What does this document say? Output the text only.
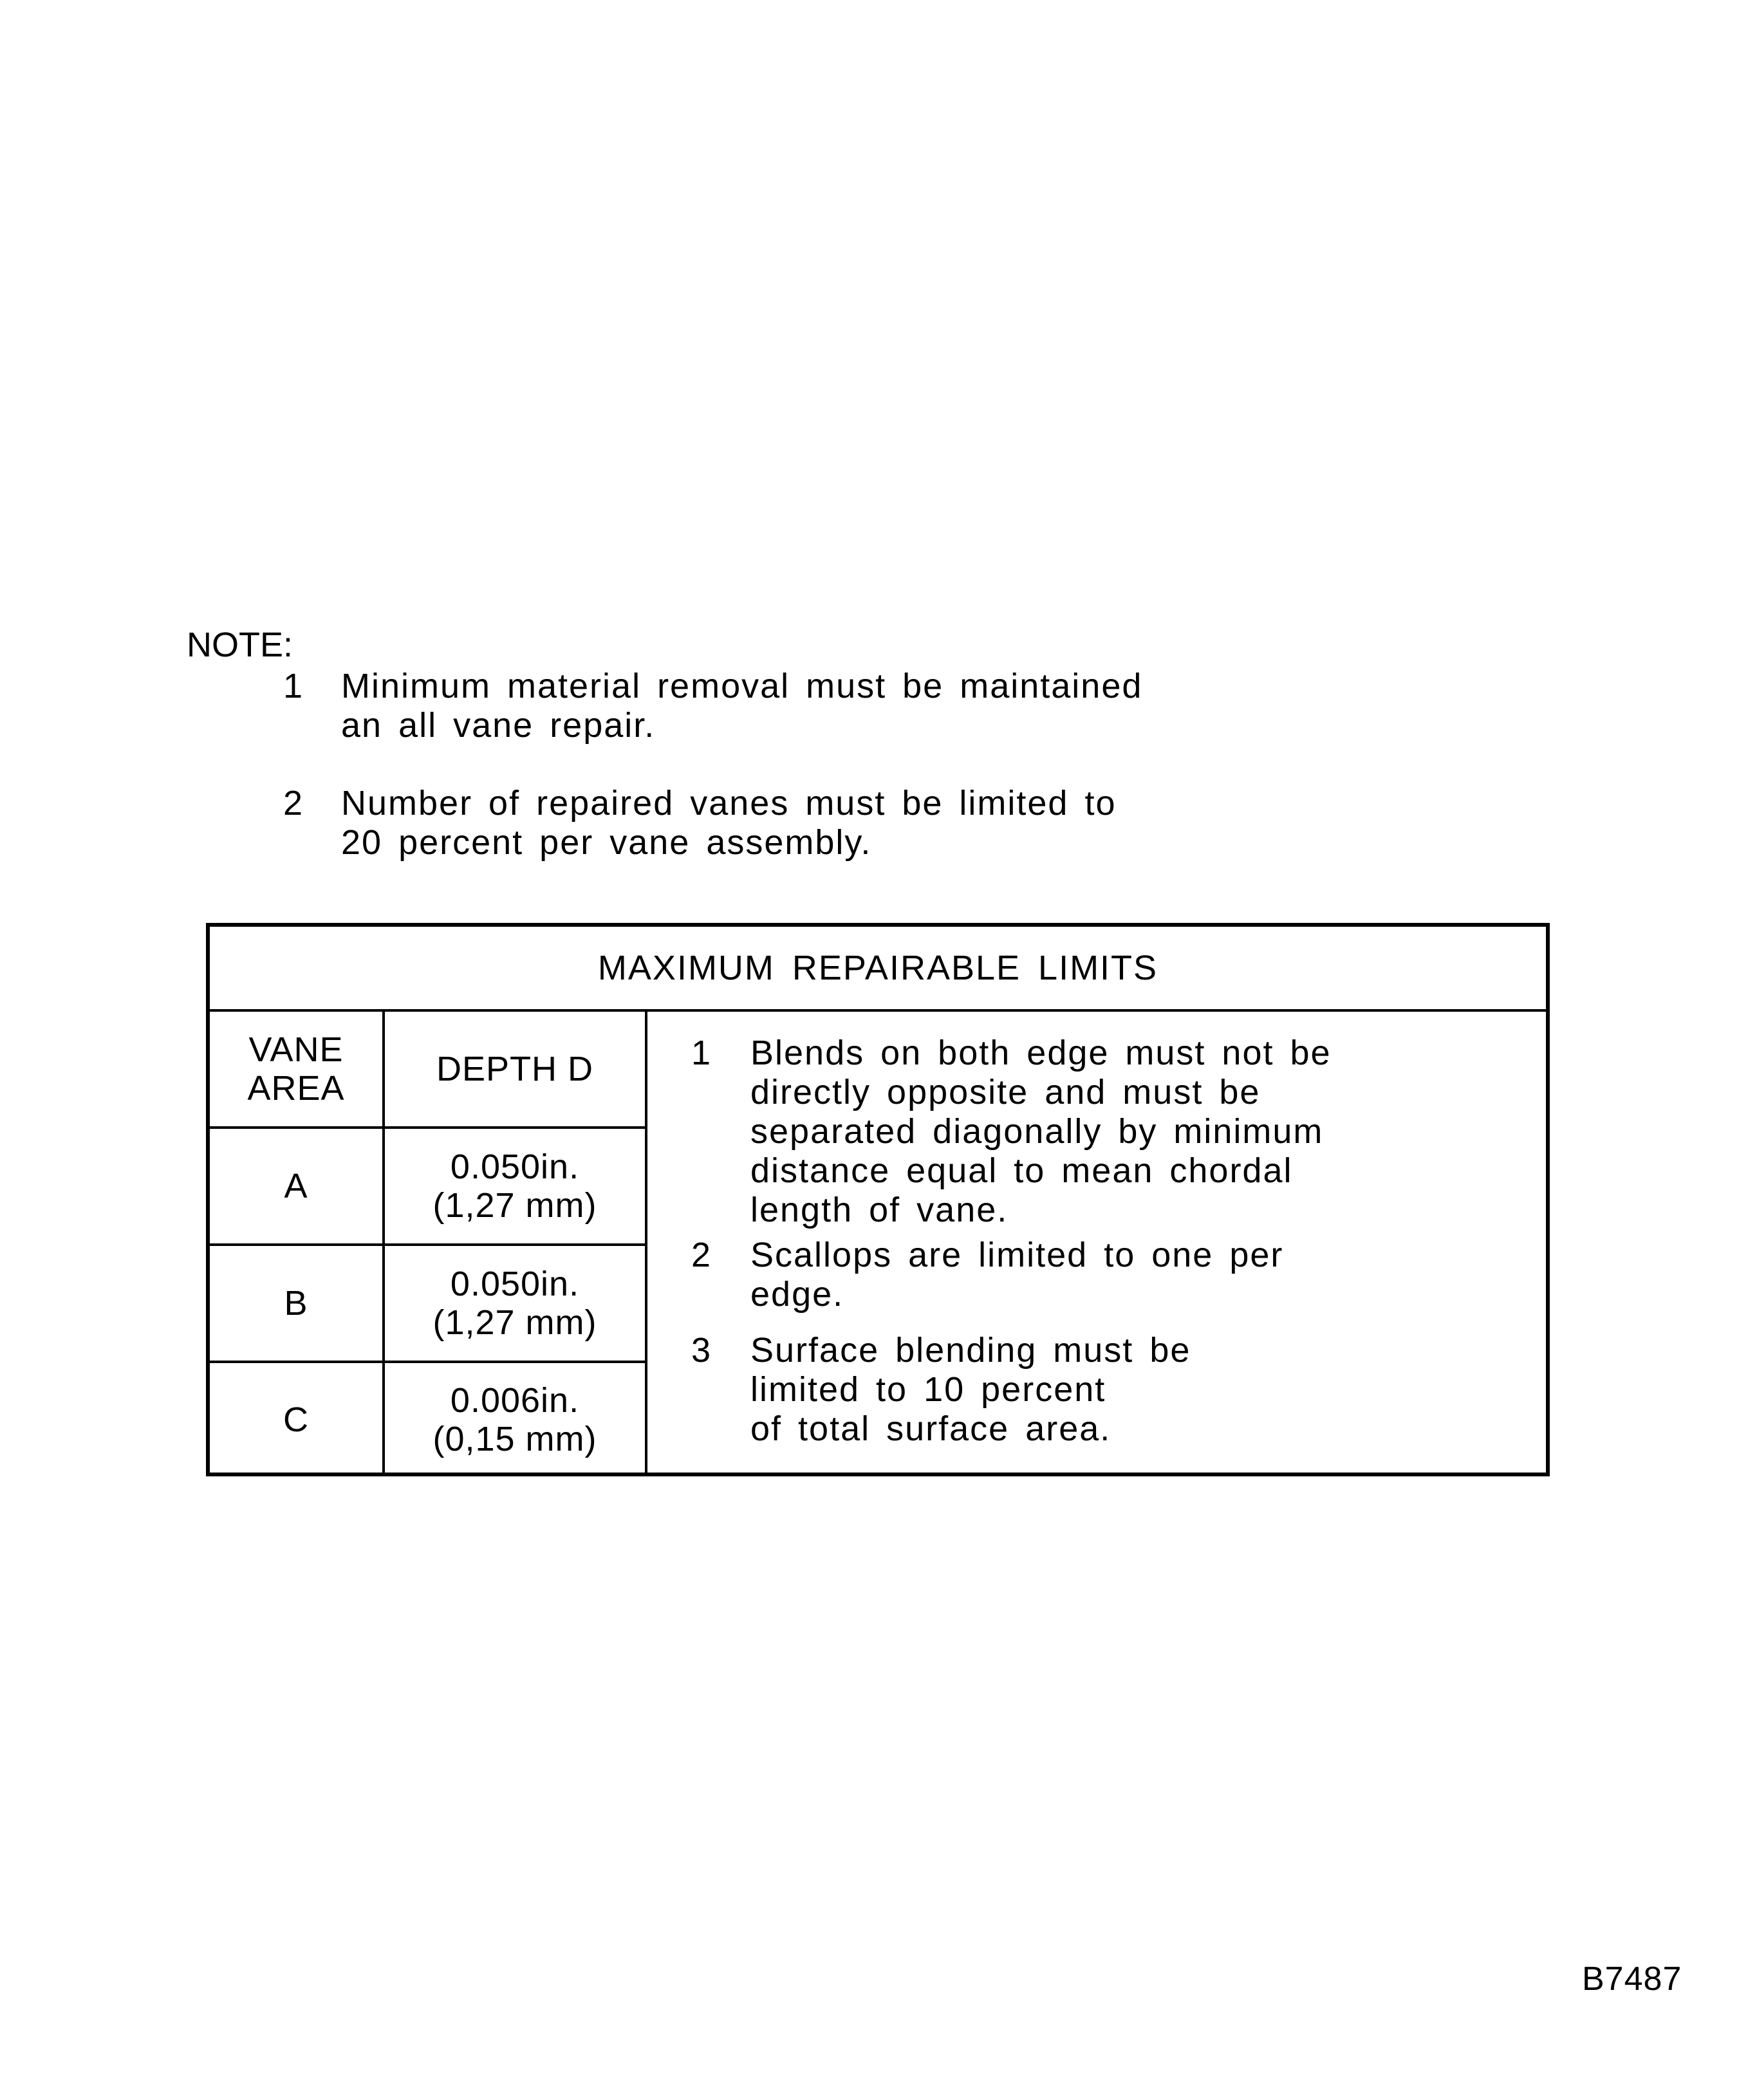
NOTE:
1 Minimum material removal must be maintained
an all vane repair.
2 Number of repaired vanes must be limited to
20 percent per vane assembly.
MAXIMUM REPAIRABLE LIMITS
VANE
AREA
A
B
C
DEPTH D
0.050in.
(1,27 mm)
0.050in.
(1,27 mm)
0.006in.
(0,15 mm)
1 Blends on both edge must not be
directly opposite and must be
separated diagonally by minimum
distance equal to mean chordal
length of vane.
2 Scallops are limited to one per
edge.
3 Surface blending must be
limited to 10 percent
of total surface area.
B7487
